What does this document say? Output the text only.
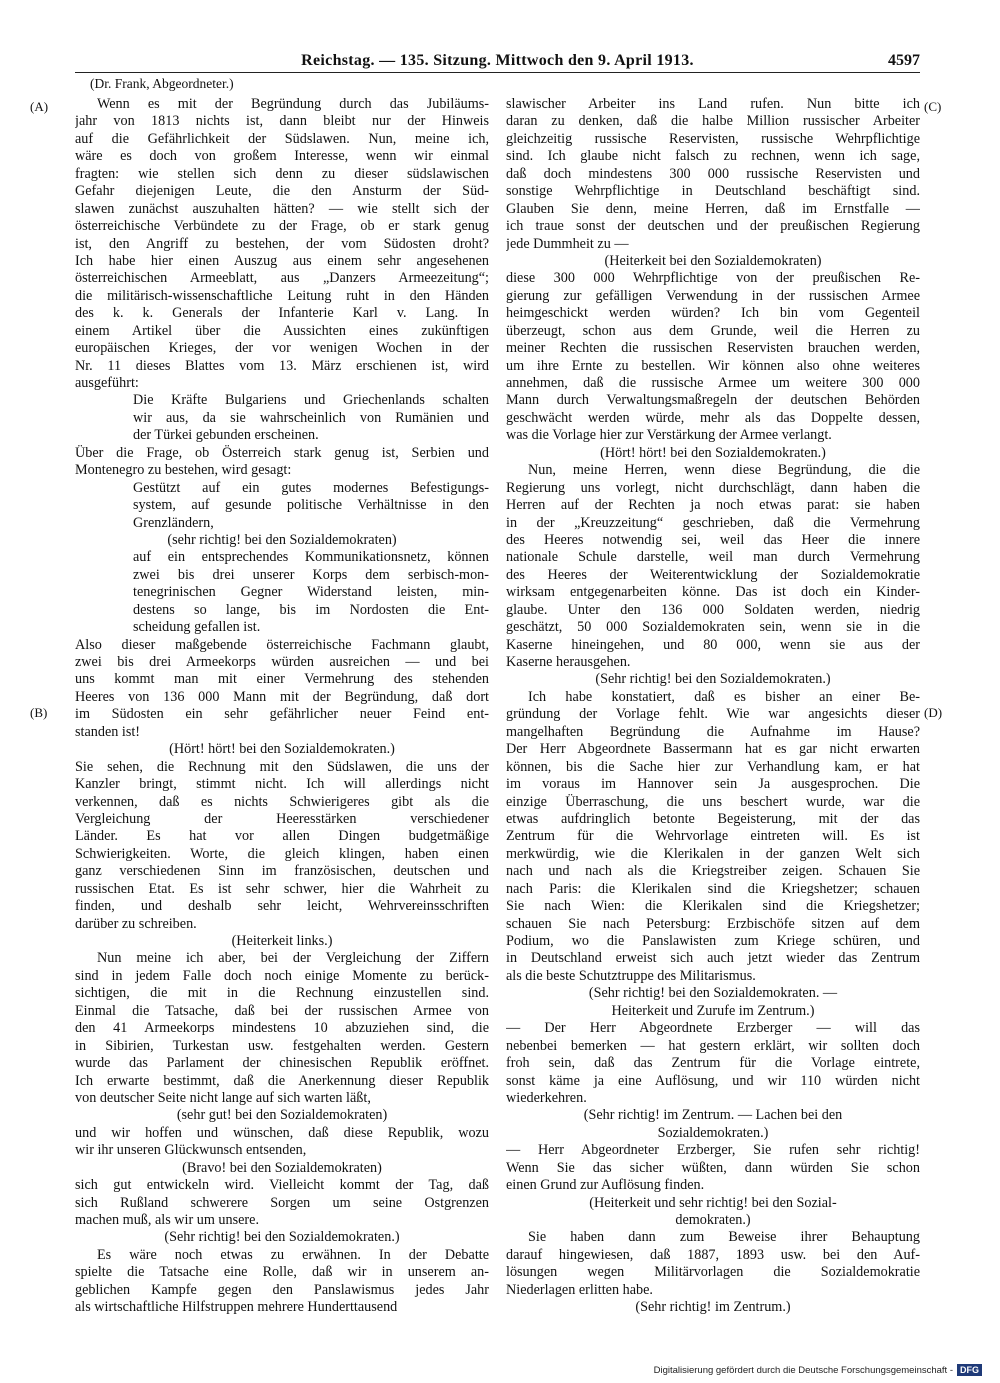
Reichstag. — 135. Sitzung. Mittwoch den 9. April 1913.	4597
(Dr. Frank, Abgeordneter.)
(A)
(B)
(C)
(D)
Wenn es mit der Begründung durch das Jubiläums-
jahr von 1813 nichts ist, dann bleibt nur der Hinweis
auf die Gefährlichkeit der Südslawen. Nun, meine ich,
wäre es doch von großem Interesse, wenn wir einmal
fragten: wie stellen sich denn zu dieser südslawischen
Gefahr diejenigen Leute, die den Ansturm der Süd-
slawen zunächst auszuhalten hätten? — wie stellt sich der
österreichische Verbündete zu der Frage, ob er stark genug
ist, den Angriff zu bestehen, der vom Südosten droht?
Ich habe hier einen Auszug aus einem sehr angesehenen
österreichischen Armeeblatt, aus „Danzers Armeezeitung“;
die militärisch-wissenschaftliche Leitung ruht in den Händen
des k. k. Generals der Infanterie Karl v. Lang. In
einem Artikel über die Aussichten eines zukünftigen
europäischen Krieges, der vor wenigen Wochen in der
Nr. 11 dieses Blattes vom 13. März erschienen ist, wird
ausgeführt:
Die Kräfte Bulgariens und Griechenlands schalten
wir aus, da sie wahrscheinlich von Rumänien und
der Türkei gebunden erscheinen.
Über die Frage, ob Österreich stark genug ist, Serbien und
Montenegro zu bestehen, wird gesagt:
Gestützt auf ein gutes modernes Befestigungs-
system, auf gesunde politische Verhältnisse in den
Grenzländern,
(sehr richtig! bei den Sozialdemokraten)
auf ein entsprechendes Kommunikationsnetz, können
zwei bis drei unserer Korps dem serbisch-mon-
tenegrinischen Gegner Widerstand leisten, min-
destens so lange, bis im Nordosten die Ent-
scheidung gefallen ist.
Also dieser maßgebende österreichische Fachmann glaubt,
zwei bis drei Armeekorps würden ausreichen — und bei
uns kommt man mit einer Vermehrung des stehenden
Heeres von 136 000 Mann mit der Begründung, daß dort
im Südosten ein sehr gefährlicher neuer Feind ent-
standen ist!
(Hört! hört! bei den Sozialdemokraten.)
Sie sehen, die Rechnung mit den Südslawen, die uns der
Kanzler bringt, stimmt nicht. Ich will allerdings nicht
verkennen, daß es nichts Schwierigeres gibt als die
Vergleichung der Heeresstärken verschiedener
Länder. Es hat vor allen Dingen budgetmäßige
Schwierigkeiten. Worte, die gleich klingen, haben einen
ganz verschiedenen Sinn im französischen, deutschen und
russischen Etat. Es ist sehr schwer, hier die Wahrheit zu
finden, und deshalb sehr leicht, Wehrvereinsschriften
darüber zu schreiben.
(Heiterkeit links.)
Nun meine ich aber, bei der Vergleichung der Ziffern
sind in jedem Falle doch noch einige Momente zu berück-
sichtigen, die mit in die Rechnung einzustellen sind.
Einmal die Tatsache, daß bei der russischen Armee von
den 41 Armeekorps mindestens 10 abzuziehen sind, die
in Sibirien, Turkestan usw. festgehalten werden. Gestern
wurde das Parlament der chinesischen Republik eröffnet.
Ich erwarte bestimmt, daß die Anerkennung dieser Republik
von deutscher Seite nicht lange auf sich warten läßt,
(sehr gut! bei den Sozialdemokraten)
und wir hoffen und wünschen, daß diese Republik, wozu
wir ihr unseren Glückwunsch entsenden,
(Bravo! bei den Sozialdemokraten)
sich gut entwickeln wird. Vielleicht kommt der Tag, daß
sich Rußland schwerere Sorgen um seine Ostgrenzen
machen muß, als wir um unsere.
(Sehr richtig! bei den Sozialdemokraten.)
Es wäre noch etwas zu erwähnen. In der Debatte
spielte die Tatsache eine Rolle, daß wir in unserem an-
geblichen Kampfe gegen den Panslawismus jedes Jahr
als wirtschaftliche Hilfstruppen mehrere Hunderttausend
slawischer Arbeiter ins Land rufen. Nun bitte ich
daran zu denken, daß die halbe Million russischer Arbeiter
gleichzeitig russische Reservisten, russische Wehrpflichtige
sind. Ich glaube nicht falsch zu rechnen, wenn ich sage,
daß doch mindestens 300 000 russische Reservisten und
sonstige Wehrpflichtige in Deutschland beschäftigt sind.
Glauben Sie denn, meine Herren, daß im Ernstfalle —
ich traue sonst der deutschen und der preußischen Regierung
jede Dummheit zu —
(Heiterkeit bei den Sozialdemokraten)
diese 300 000 Wehrpflichtige von der preußischen Re-
gierung zur gefälligen Verwendung in der russischen Armee
heimgeschickt werden würden? Ich bin vom Gegenteil
überzeugt, schon aus dem Grunde, weil die Herren zu
meiner Rechten die russischen Reservisten brauchen werden,
um ihre Ernte zu bestellen. Wir können also ohne weiteres
annehmen, daß die russische Armee um weitere 300 000
Mann durch Verwaltungsmaßregeln der deutschen Behörden
geschwächt werden würde, mehr als das Doppelte dessen,
was die Vorlage hier zur Verstärkung der Armee verlangt.
(Hört! hört! bei den Sozialdemokraten.)
Nun, meine Herren, wenn diese Begründung, die die
Regierung uns vorlegt, nicht durchschlägt, dann haben die
Herren auf der Rechten ja noch etwas parat: sie haben
in der „Kreuzzeitung“ geschrieben, daß die Vermehrung
des Heeres notwendig sei, weil das Heer die innere
nationale Schule darstelle, weil man durch Vermehrung
des Heeres der Weiterentwicklung der Sozialdemokratie
wirksam entgegenarbeiten könne. Das ist doch ein Kinder-
glaube. Unter den 136 000 Soldaten werden, niedrig
geschätzt, 50 000 Sozialdemokraten sein, wenn sie in die
Kaserne hineingehen, und 80 000, wenn sie aus der
Kaserne herausgehen.
(Sehr richtig! bei den Sozialdemokraten.)
Ich habe konstatiert, daß es bisher an einer Be-
gründung der Vorlage fehlt. Wie war angesichts dieser
mangelhaften Begründung die Aufnahme im Hause?
Der Herr Abgeordnete Bassermann hat es gar nicht erwarten
können, bis die Sache hier zur Verhandlung kam, er hat
im voraus im Hannover sein Ja ausgesprochen. Die
einzige Überraschung, die uns beschert wurde, war die
etwas aufdringlich betonte Begeisterung, mit der das
Zentrum für die Wehrvorlage eintreten will. Es ist
merkwürdig, wie die Klerikalen in der ganzen Welt sich
nach und nach als die Kriegstreiber zeigen. Schauen Sie
nach Paris: die Klerikalen sind die Kriegshetzer; schauen
Sie nach Wien: die Klerikalen sind die Kriegshetzer;
schauen Sie nach Petersburg: Erzbischöfe sitzen auf dem
Podium, wo die Panslawisten zum Kriege schüren, und
in Deutschland erweist sich auch jetzt wieder das Zentrum
als die beste Schutztruppe des Militarismus.
(Sehr richtig! bei den Sozialdemokraten. —
Heiterkeit und Zurufe im Zentrum.)
— Der Herr Abgeordnete Erzberger — will das
nebenbei bemerken — hat gestern erklärt, wir sollten doch
froh sein, daß das Zentrum für die Vorlage eintrete,
sonst käme ja eine Auflösung, und wir 110 würden nicht
wiederkehren.
(Sehr richtig! im Zentrum. — Lachen bei den
Sozialdemokraten.)
— Herr Abgeordneter Erzberger, Sie rufen sehr richtig!
Wenn Sie das sicher wüßten, dann würden Sie schon
einen Grund zur Auflösung finden.
(Heiterkeit und sehr richtig! bei den Sozial-
demokraten.)
Sie haben dann zum Beweise ihrer Behauptung
darauf hingewiesen, daß 1887, 1893 usw. bei den Auf-
lösungen wegen Militärvorlagen die Sozialdemokratie
Niederlagen erlitten habe.
(Sehr richtig! im Zentrum.)
Digitalisierung gefördert durch die Deutsche Forschungsgemeinschaft - DFG
